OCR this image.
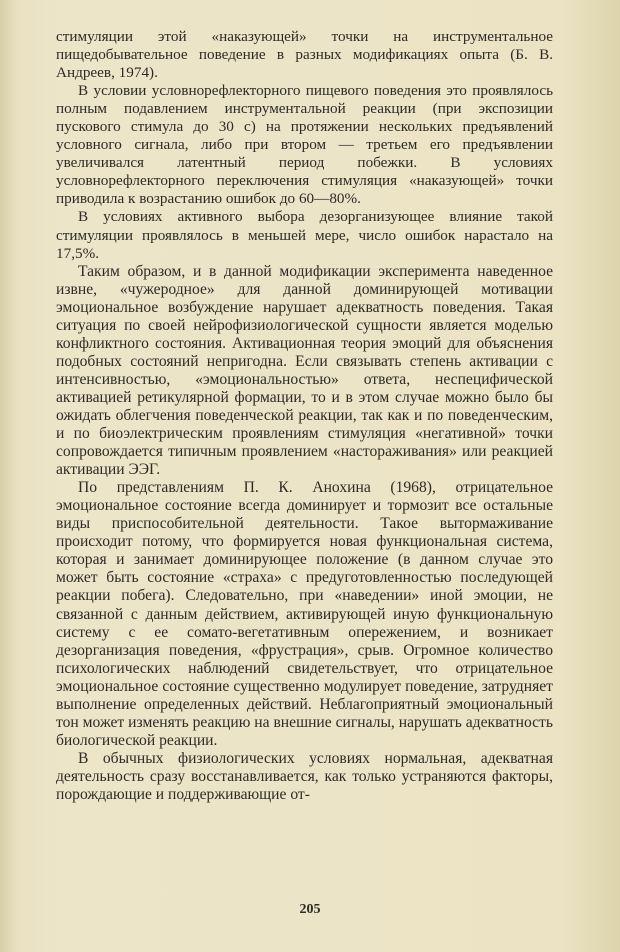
стимуляции этой «наказующей» точки на инструментальное пищедобывательное поведение в разных модификациях опыта (Б. В. Андреев, 1974).

В условии условнорефлекторного пищевого поведения это проявлялось полным подавлением инструментальной реакции (при экспозиции пускового стимула до 30 с) на протяжении нескольких предъявлений условного сигнала, либо при втором — третьем его предъявлении увеличивался латентный период побежки. В условиях условнорефлекторного переключения стимуляция «наказующей» точки приводила к возрастанию ошибок до 60—80%.

В условиях активного выбора дезорганизующее влияние такой стимуляции проявлялось в меньшей мере, число ошибок нарастало на 17,5%.

Таким образом, и в данной модификации эксперимента наведенное извне, «чужеродное» для данной доминирующей мотивации эмоциональное возбуждение нарушает адекватность поведения. Такая ситуация по своей нейрофизиологической сущности является моделью конфликтного состояния. Активационная теория эмоций для объяснения подобных состояний непригодна. Если связывать степень активации с интенсивностью, «эмоциональностью» ответа, неспецифической активацией ретикулярной формации, то и в этом случае можно было бы ожидать облегчения поведенческой реакции, так как и по поведенческим, и по биоэлектрическим проявлениям стимуляция «негативной» точки сопровождается типичным проявлением «настораживания» или реакцией активации ЭЭГ.

По представлениям П. К. Анохина (1968), отрицательное эмоциональное состояние всегда доминирует и тормозит все остальные виды приспособительной деятельности. Такое вытормаживание происходит потому, что формируется новая функциональная система, которая и занимает доминирующее положение (в данном случае это может быть состояние «страха» с предуготовленностью последующей реакции побега). Следовательно, при «наведении» иной эмоции, не связанной с данным действием, активирующей иную функциональную систему с ее сомато-вегетативным опережением, и возникает дезорганизация поведения, «фрустрация», срыв. Огромное количество психологических наблюдений свидетельствует, что отрицательное эмоциональное состояние существенно модулирует поведение, затрудняет выполнение определенных действий. Неблагоприятный эмоциональный тон может изменять реакцию на внешние сигналы, нарушать адекватность биологической реакции.

В обычных физиологических условиях нормальная, адекватная деятельность сразу восстанавливается, как только устраняются факторы, порождающие и поддерживающие от-

205
